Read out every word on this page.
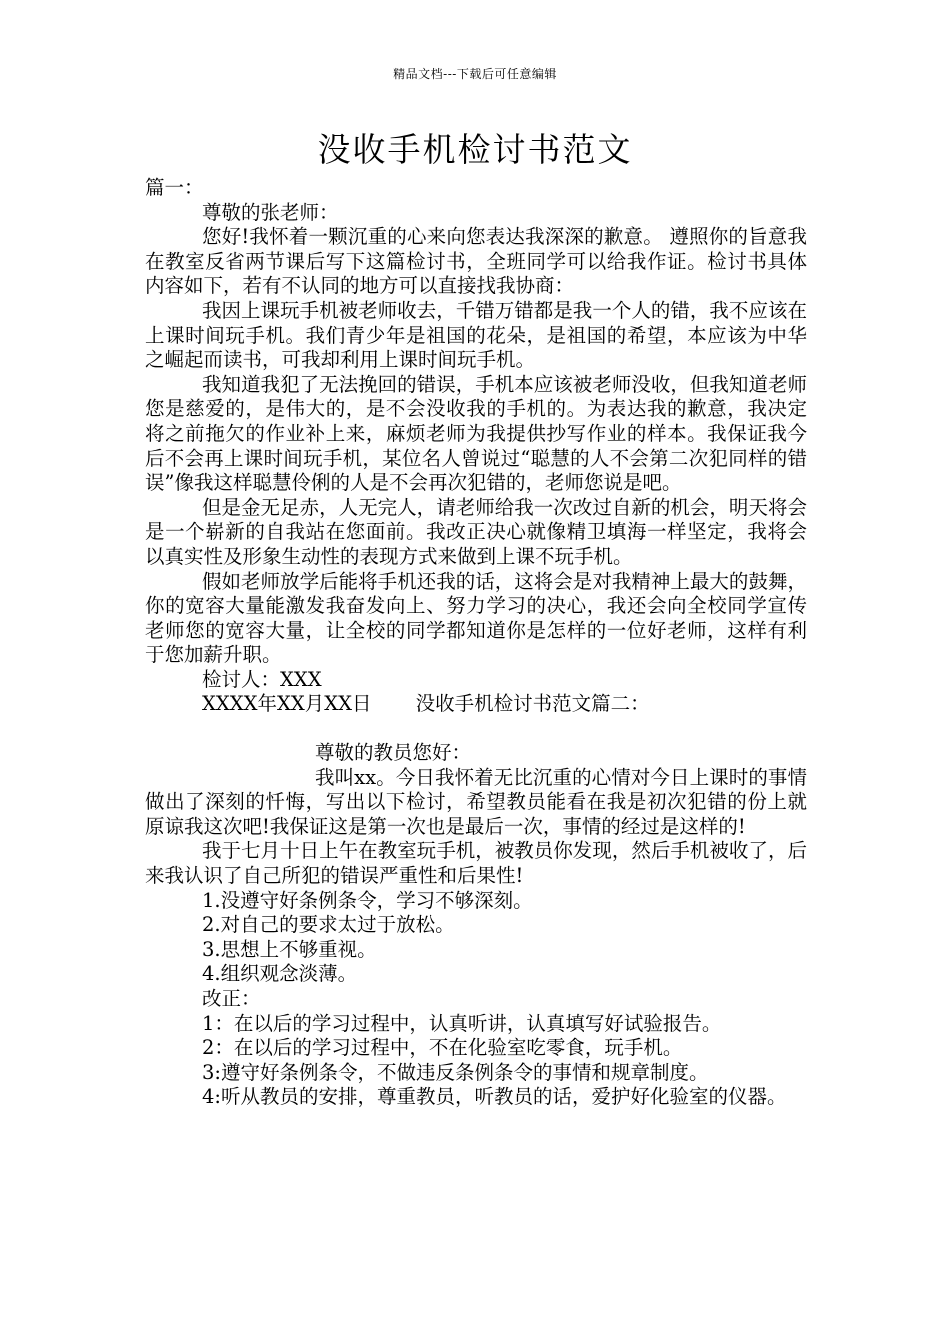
精品文档---下载后可任意编辑
没收手机检讨书范文

篇一：

尊敬的张老师：

您好!我怀着一颗沉重的心来向您表达我深深的歉意。 遵照你的旨意我在教室反省两节课后写下这篇检讨书，全班同学可以给我作证。检讨书具体内容如下，若有不认同的地方可以直接找我协商：

我因上课玩手机被老师收去，千错万错都是我一个人的错，我不应该在上课时间玩手机。我们青少年是祖国的花朵，是祖国的希望，本应该为中华之崛起而读书，可我却利用上课时间玩手机。

我知道我犯了无法挽回的错误，手机本应该被老师没收，但我知道老师您是慈爱的，是伟大的，是不会没收我的手机的。为表达我的歉意，我决定将之前拖欠的作业补上来，麻烦老师为我提供抄写作业的样本。我保证我今后不会再上课时间玩手机，某位名人曾说过“聪慧的人不会第二次犯同样的错误”像我这样聪慧伶俐的人是不会再次犯错的，老师您说是吧。

但是金无足赤，人无完人，请老师给我一次改过自新的机会，明天将会是一个崭新的自我站在您面前。我改正决心就像精卫填海一样坚定，我将会以真实性及形象生动性的表现方式来做到上课不玩手机。

假如老师放学后能将手机还我的话，这将会是对我精神上最大的鼓舞，你的宽容大量能激发我奋发向上、努力学习的决心，我还会向全校同学宣传老师您的宽容大量，让全校的同学都知道你是怎样的一位好老师，这样有利于您加薪升职。

检讨人：XXX

XXXX年XX月XX日 没收手机检讨书范文篇二：

尊敬的教员您好：

我叫xx。今日我怀着无比沉重的心情对今日上课时的事情做出了深刻的忏悔，写出以下检讨，希望教员能看在我是初次犯错的份上就原谅我这次吧!我保证这是第一次也是最后一次，事情的经过是这样的!

我于七月十日上午在教室玩手机，被教员你发现，然后手机被收了，后来我认识了自己所犯的错误严重性和后果性!

1.没遵守好条例条令，学习不够深刻。

2.对自己的要求太过于放松。

3.思想上不够重视。

4.组织观念淡薄。

改正：

1：在以后的学习过程中，认真听讲，认真填写好试验报告。

2：在以后的学习过程中，不在化验室吃零食，玩手机。

3:遵守好条例条令，不做违反条例条令的事情和规章制度。

4:听从教员的安排，尊重教员，听教员的话，爱护好化验室的仪器。
